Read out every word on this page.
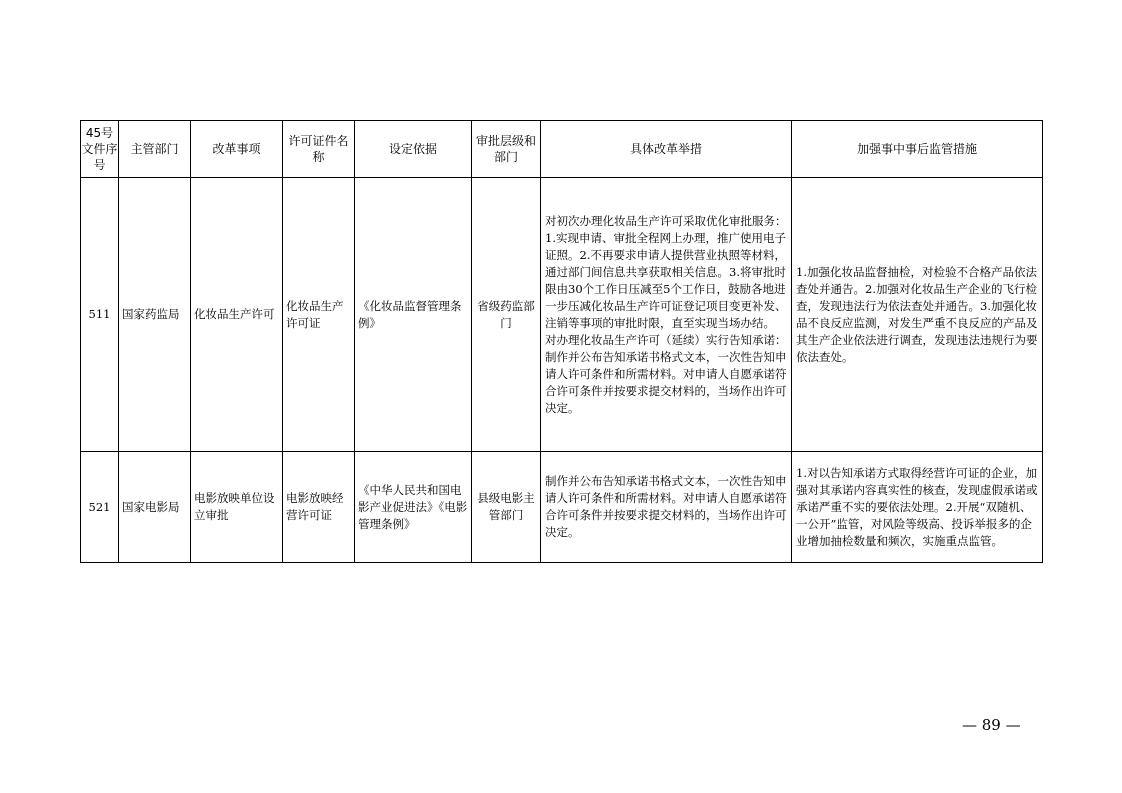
45号文件序号	主管部门	改革事项	许可证件名称	设定依据	审批层级和部门	具体改革举措	加强事中事后监管措施
511	国家药监局	化妆品生产许可	化妆品生产许可证	《化妆品监督管理条例》	省级药监部门	对初次办理化妆品生产许可采取优化审批服务：1.实现申请、审批全程网上办理，推广使用电子证照。2.不再要求申请人提供营业执照等材料，通过部门间信息共享获取相关信息。3.将审批时限由30个工作日压减至5个工作日，鼓励各地进一步压减化妆品生产许可证登记项目变更补发、注销等事项的审批时限，直至实现当场办结。
对办理化妆品生产许可（延续）实行告知承诺：制作并公布告知承诺书格式文本，一次性告知申请人许可条件和所需材料。对申请人自愿承诺符合许可条件并按要求提交材料的，当场作出许可决定。	1.加强化妆品监督抽检，对检验不合格产品依法查处并通告。2.加强对化妆品生产企业的飞行检查，发现违法行为依法查处并通告。3.加强化妆品不良反应监测，对发生严重不良反应的产品及其生产企业依法进行调查，发现违法违规行为要依法查处。
521	国家电影局	电影放映单位设立审批	电影放映经营许可证	《中华人民共和国电影产业促进法》《电影管理条例》	县级电影主管部门	制作并公布告知承诺书格式文本，一次性告知申请人许可条件和所需材料。对申请人自愿承诺符合许可条件并按要求提交材料的，当场作出许可决定。	1.对以告知承诺方式取得经营许可证的企业，加强对其承诺内容真实性的核查，发现虚假承诺或承诺严重不实的要依法处理。2.开展“双随机、一公开”监管，对风险等级高、投诉举报多的企业增加抽检数量和频次，实施重点监管。
— 89 —
